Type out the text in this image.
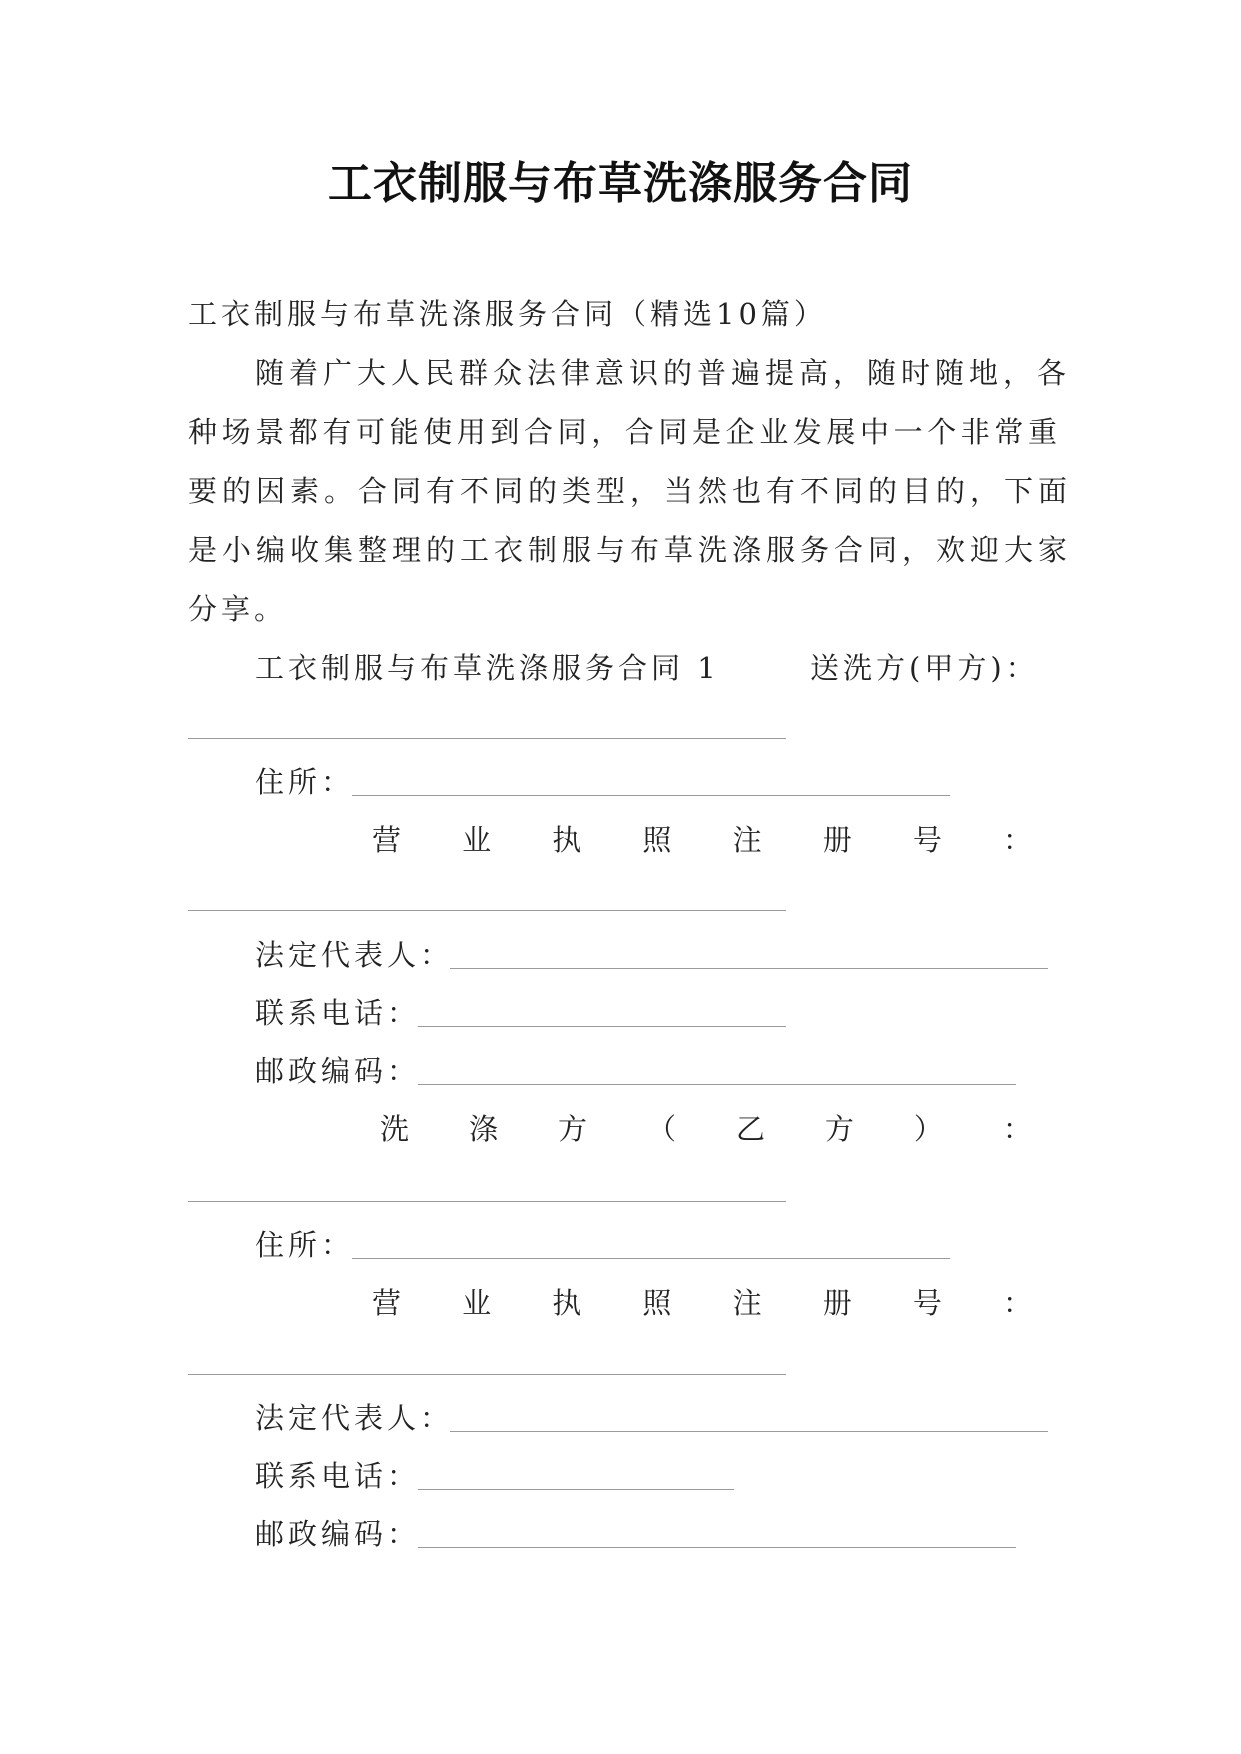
工衣制服与布草洗涤服务合同
工衣制服与布草洗涤服务合同（精选10篇）
随着广大人民群众法律意识的普遍提高，随时随地，各
种场景都有可能使用到合同，合同是企业发展中一个非常重
要的因素。合同有不同的类型，当然也有不同的目的，下面
是小编收集整理的工衣制服与布草洗涤服务合同，欢迎大家
分享。
工衣制服与布草洗涤服务合同 1	送洗方(甲方)：
住所：
营 业 执 照 注 册 号 ：
法定代表人：
联系电话：
邮政编码：
洗 涤 方 （ 乙 方 ） ：
住所：
营 业 执 照 注 册 号 ：
法定代表人：
联系电话：
邮政编码：
